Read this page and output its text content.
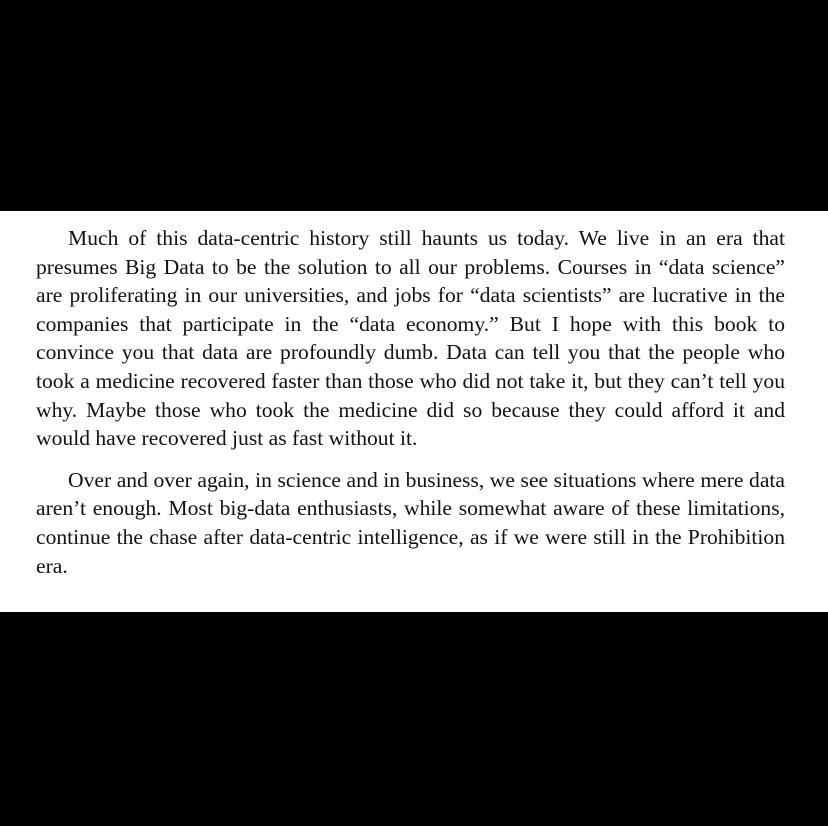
Much of this data-centric history still haunts us today. We live in an era that presumes Big Data to be the solution to all our problems. Courses in “data science” are proliferating in our universities, and jobs for “data scientists” are lucrative in the companies that participate in the “data economy.” But I hope with this book to convince you that data are profoundly dumb. Data can tell you that the people who took a medicine recovered faster than those who did not take it, but they can’t tell you why. Maybe those who took the medicine did so because they could afford it and would have recovered just as fast without it.

Over and over again, in science and in business, we see situations where mere data aren’t enough. Most big-data enthusiasts, while somewhat aware of these limitations, continue the chase after data-centric intelligence, as if we were still in the Prohibition era.
